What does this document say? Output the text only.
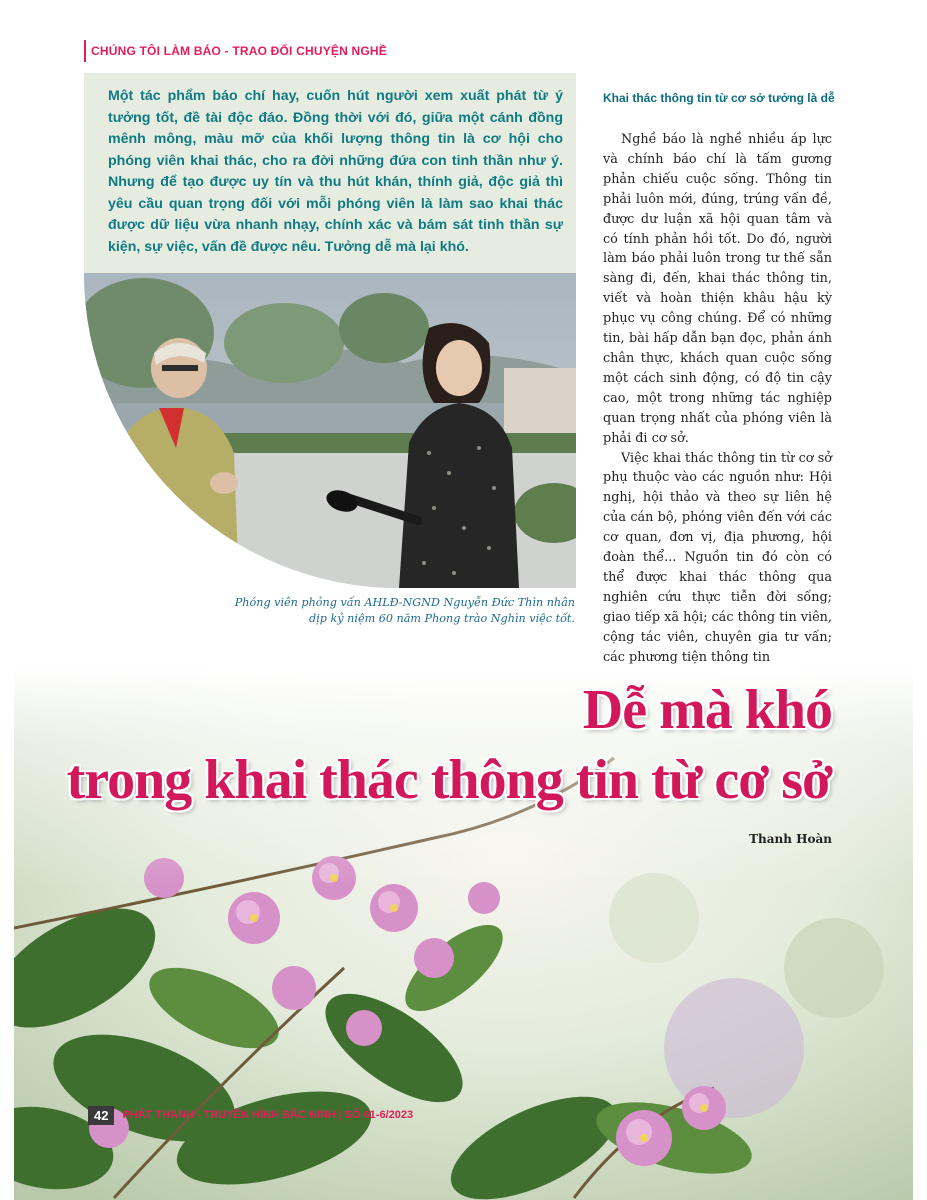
CHÚNG TÔI LÀM BÁO - TRAO ĐỔI CHUYỆN NGHỀ

Một tác phẩm báo chí hay, cuốn hút người xem xuất phát từ ý tưởng tốt, đề tài độc đáo. Đồng thời với đó, giữa một cánh đồng mênh mông, màu mỡ của khối lượng thông tin là cơ hội cho phóng viên khai thác, cho ra đời những đứa con tinh thần như ý. Nhưng để tạo được uy tín và thu hút khán, thính giả, độc giả thì yêu cầu quan trọng đối với mỗi phóng viên là làm sao khai thác được dữ liệu vừa nhanh nhạy, chính xác và bám sát tinh thần sự kiện, sự việc, vấn đề được nêu. Tưởng dễ mà lại khó.

Phóng viên phỏng vấn AHLĐ-NGND Nguyễn Đức Thìn nhân dịp kỷ niệm 60 năm Phong trào Nghìn việc tốt.

Khai thác thông tin từ cơ sở tưởng là dễ

Nghề báo là nghề nhiều áp lực và chính báo chí là tấm gương phản chiếu cuộc sống. Thông tin phải luôn mới, đúng, trúng vấn đề, được dư luận xã hội quan tâm và có tính phản hồi tốt. Do đó, người làm báo phải luôn trong tư thế sẵn sàng đi, đến, khai thác thông tin, viết và hoàn thiện khâu hậu kỳ phục vụ công chúng. Để có những tin, bài hấp dẫn bạn đọc, phản ánh chân thực, khách quan cuộc sống một cách sinh động, có độ tin cậy cao, một trong những tác nghiệp quan trọng nhất của phóng viên là phải đi cơ sở.

Việc khai thác thông tin từ cơ sở phụ thuộc vào các nguồn như: Hội nghị, hội thảo và theo sự liên hệ của cán bộ, phóng viên đến với các cơ quan, đơn vị, địa phương, hội đoàn thể... Nguồn tin đó còn có thể được khai thác thông qua nghiên cứu thực tiễn đời sống; giao tiếp xã hội; các thông tin viên, cộng tác viên, chuyên gia tư vấn; các phương tiện thông tin

Dễ mà khó
trong khai thác thông tin từ cơ sở
Thanh Hoàn
42	PHÁT THANH - TRUYỀN HÌNH BẮC NINH | SỐ 01-6/2023
